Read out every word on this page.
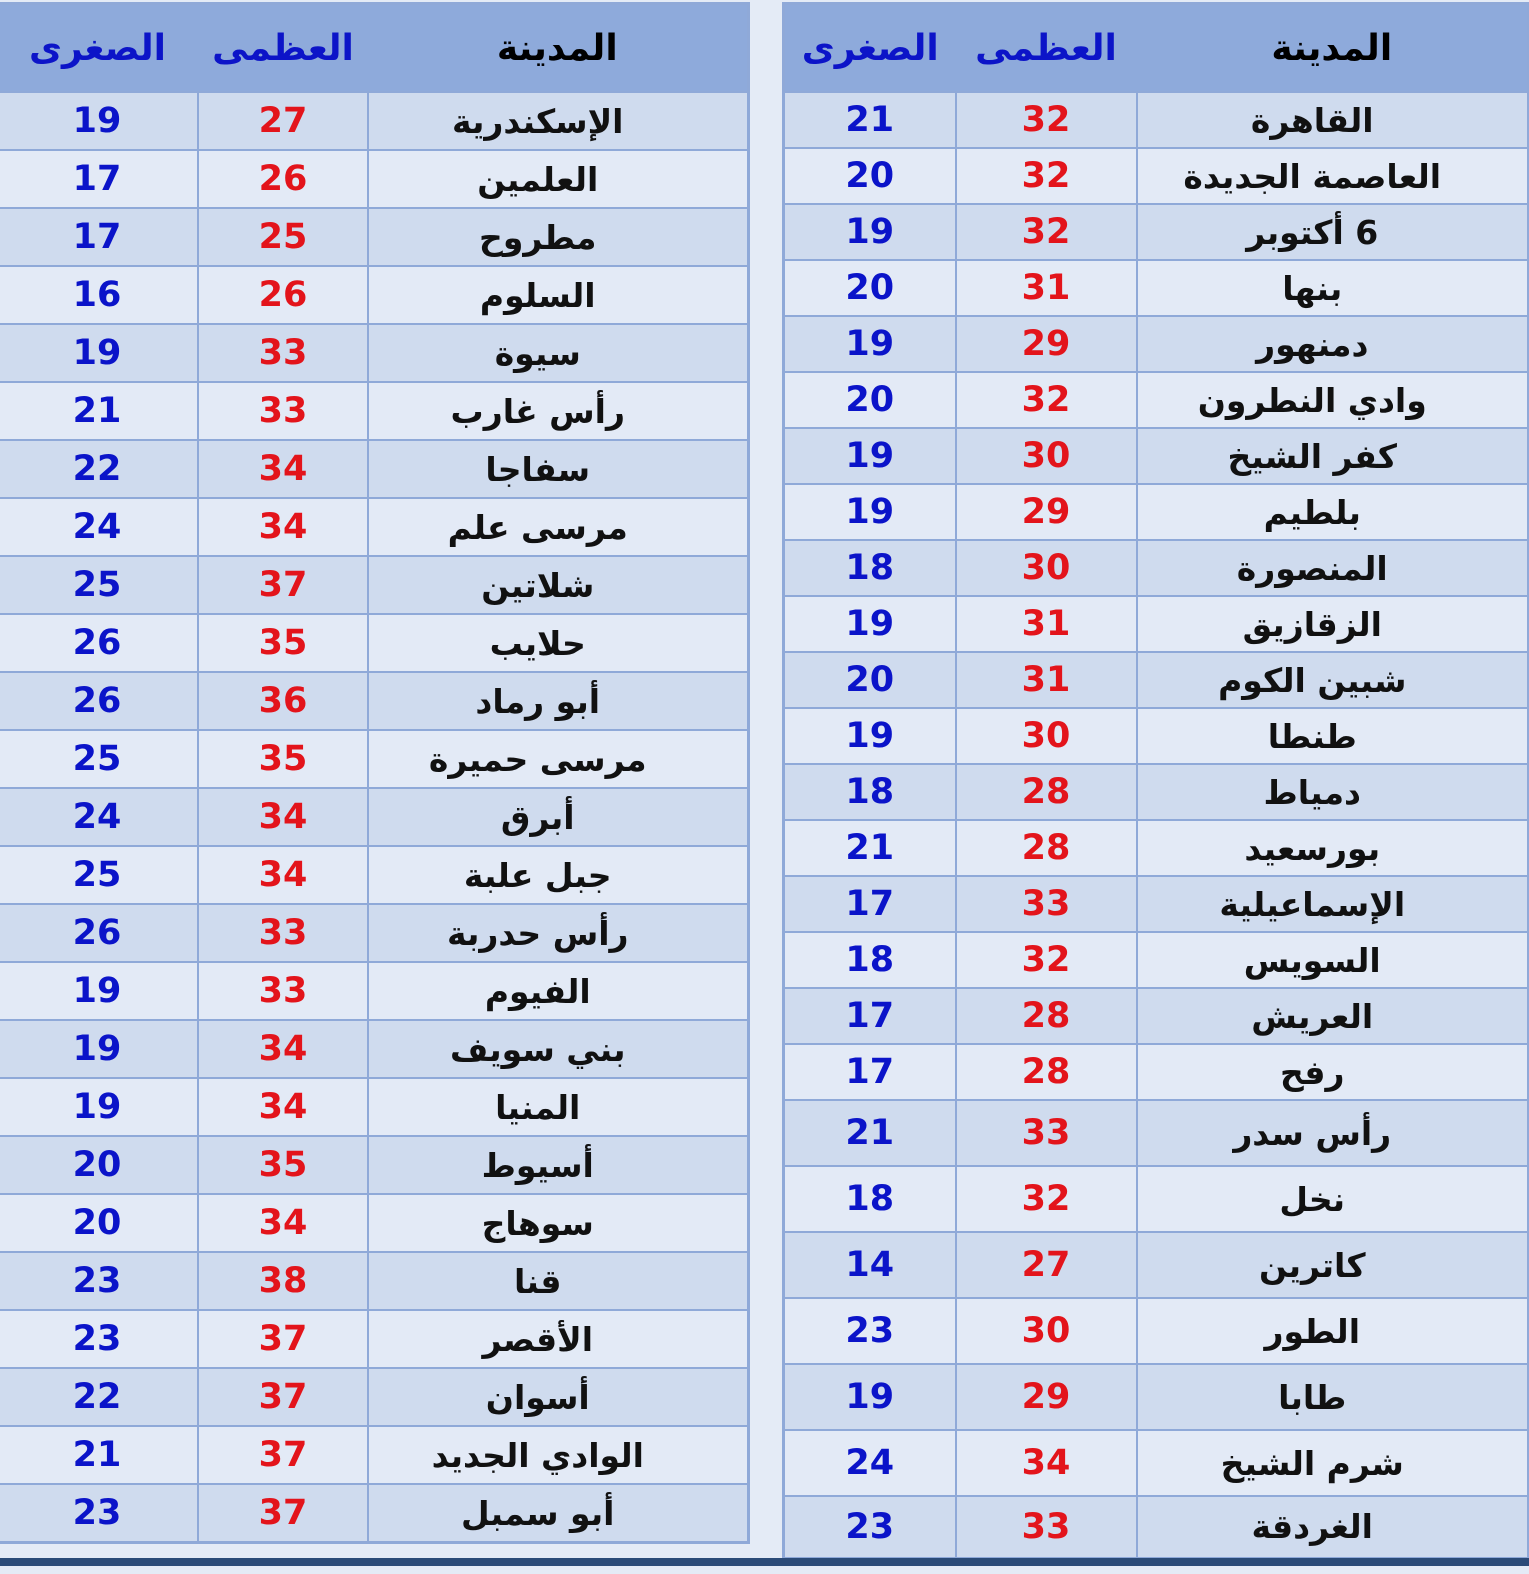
الصغرى	العظمى	المدينة
19	27	الإسكندرية
17	26	العلمين
17	25	مطروح
16	26	السلوم
19	33	سيوة
21	33	رأس غارب
22	34	سفاجا
24	34	مرسى علم
25	37	شلاتين
26	35	حلايب
26	36	أبو رماد
25	35	مرسى حميرة
24	34	أبرق
25	34	جبل علبة
26	33	رأس حدربة
19	33	الفيوم
19	34	بني سويف
19	34	المنيا
20	35	أسيوط
20	34	سوهاج
23	38	قنا
23	37	الأقصر
22	37	أسوان
21	37	الوادي الجديد
23	37	أبو سمبل
الصغرى	العظمى	المدينة
21	32	القاهرة
20	32	العاصمة الجديدة
19	32	6 أكتوبر
20	31	بنها
19	29	دمنهور
20	32	وادي النطرون
19	30	كفر الشيخ
19	29	بلطيم
18	30	المنصورة
19	31	الزقازيق
20	31	شبين الكوم
19	30	طنطا
18	28	دمياط
21	28	بورسعيد
17	33	الإسماعيلية
18	32	السويس
17	28	العريش
17	28	رفح
21	33	رأس سدر
18	32	نخل
14	27	كاترين
23	30	الطور
19	29	طابا
24	34	شرم الشيخ
23	33	الغردقة
